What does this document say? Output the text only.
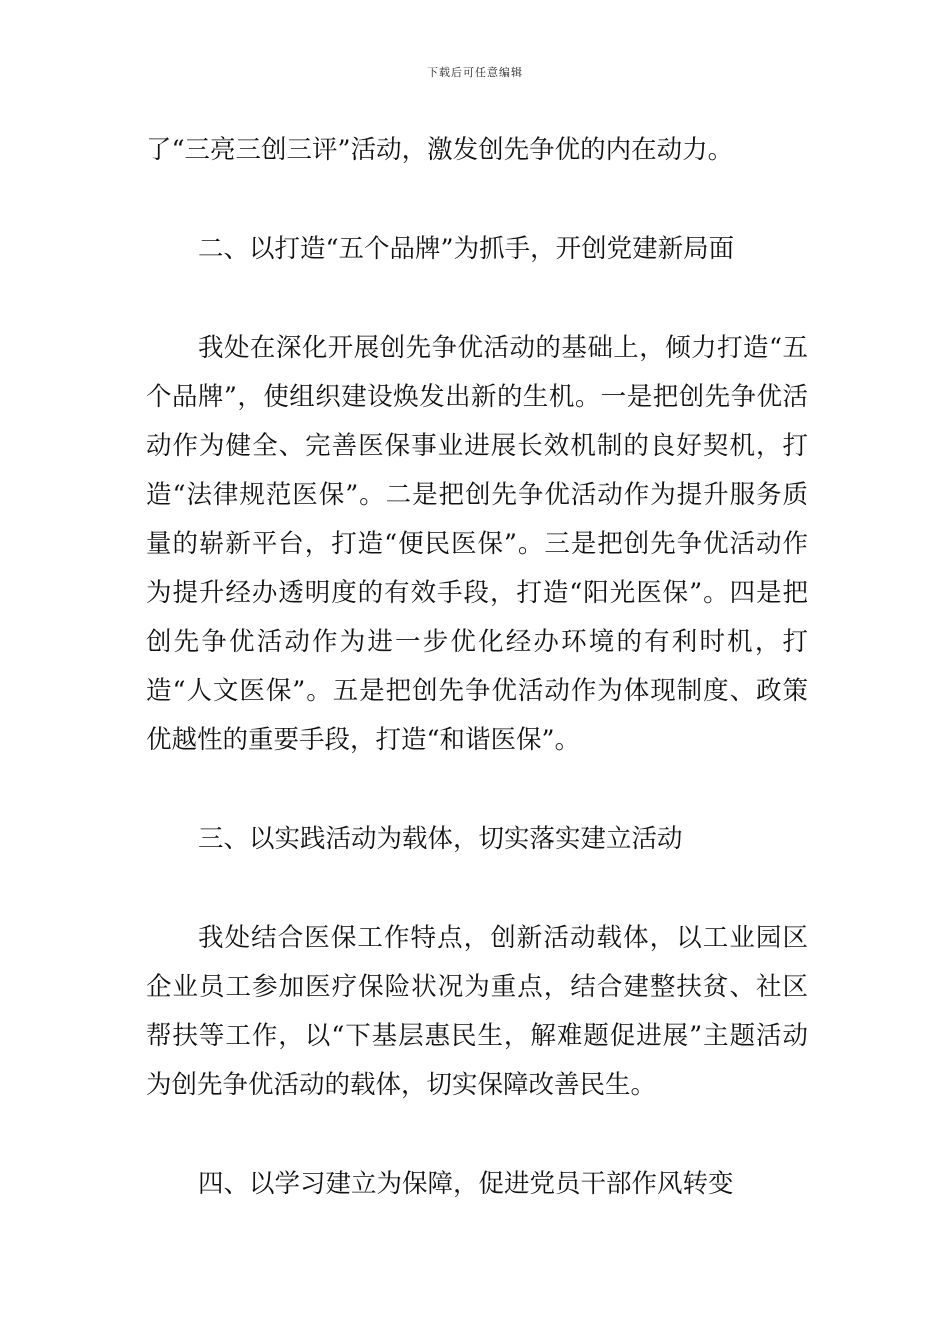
下载后可任意编辑

了“三亮三创三评”活动，激发创先争优的内在动力。

二、以打造“五个品牌”为抓手，开创党建新局面

我处在深化开展创先争优活动的基础上，倾力打造“五个品牌”，使组织建设焕发出新的生机。一是把创先争优活动作为健全、完善医保事业进展长效机制的良好契机，打造“法律规范医保”。二是把创先争优活动作为提升服务质量的崭新平台，打造“便民医保”。三是把创先争优活动作为提升经办透明度的有效手段，打造“阳光医保”。四是把创先争优活动作为进一步优化经办环境的有利时机，打造“人文医保”。五是把创先争优活动作为体现制度、政策优越性的重要手段，打造“和谐医保”。

三、以实践活动为载体，切实落实建立活动

我处结合医保工作特点，创新活动载体，以工业园区企业员工参加医疗保险状况为重点，结合建整扶贫、社区帮扶等工作，以“下基层惠民生，解难题促进展”主题活动为创先争优活动的载体，切实保障改善民生。

四、以学习建立为保障，促进党员干部作风转变
